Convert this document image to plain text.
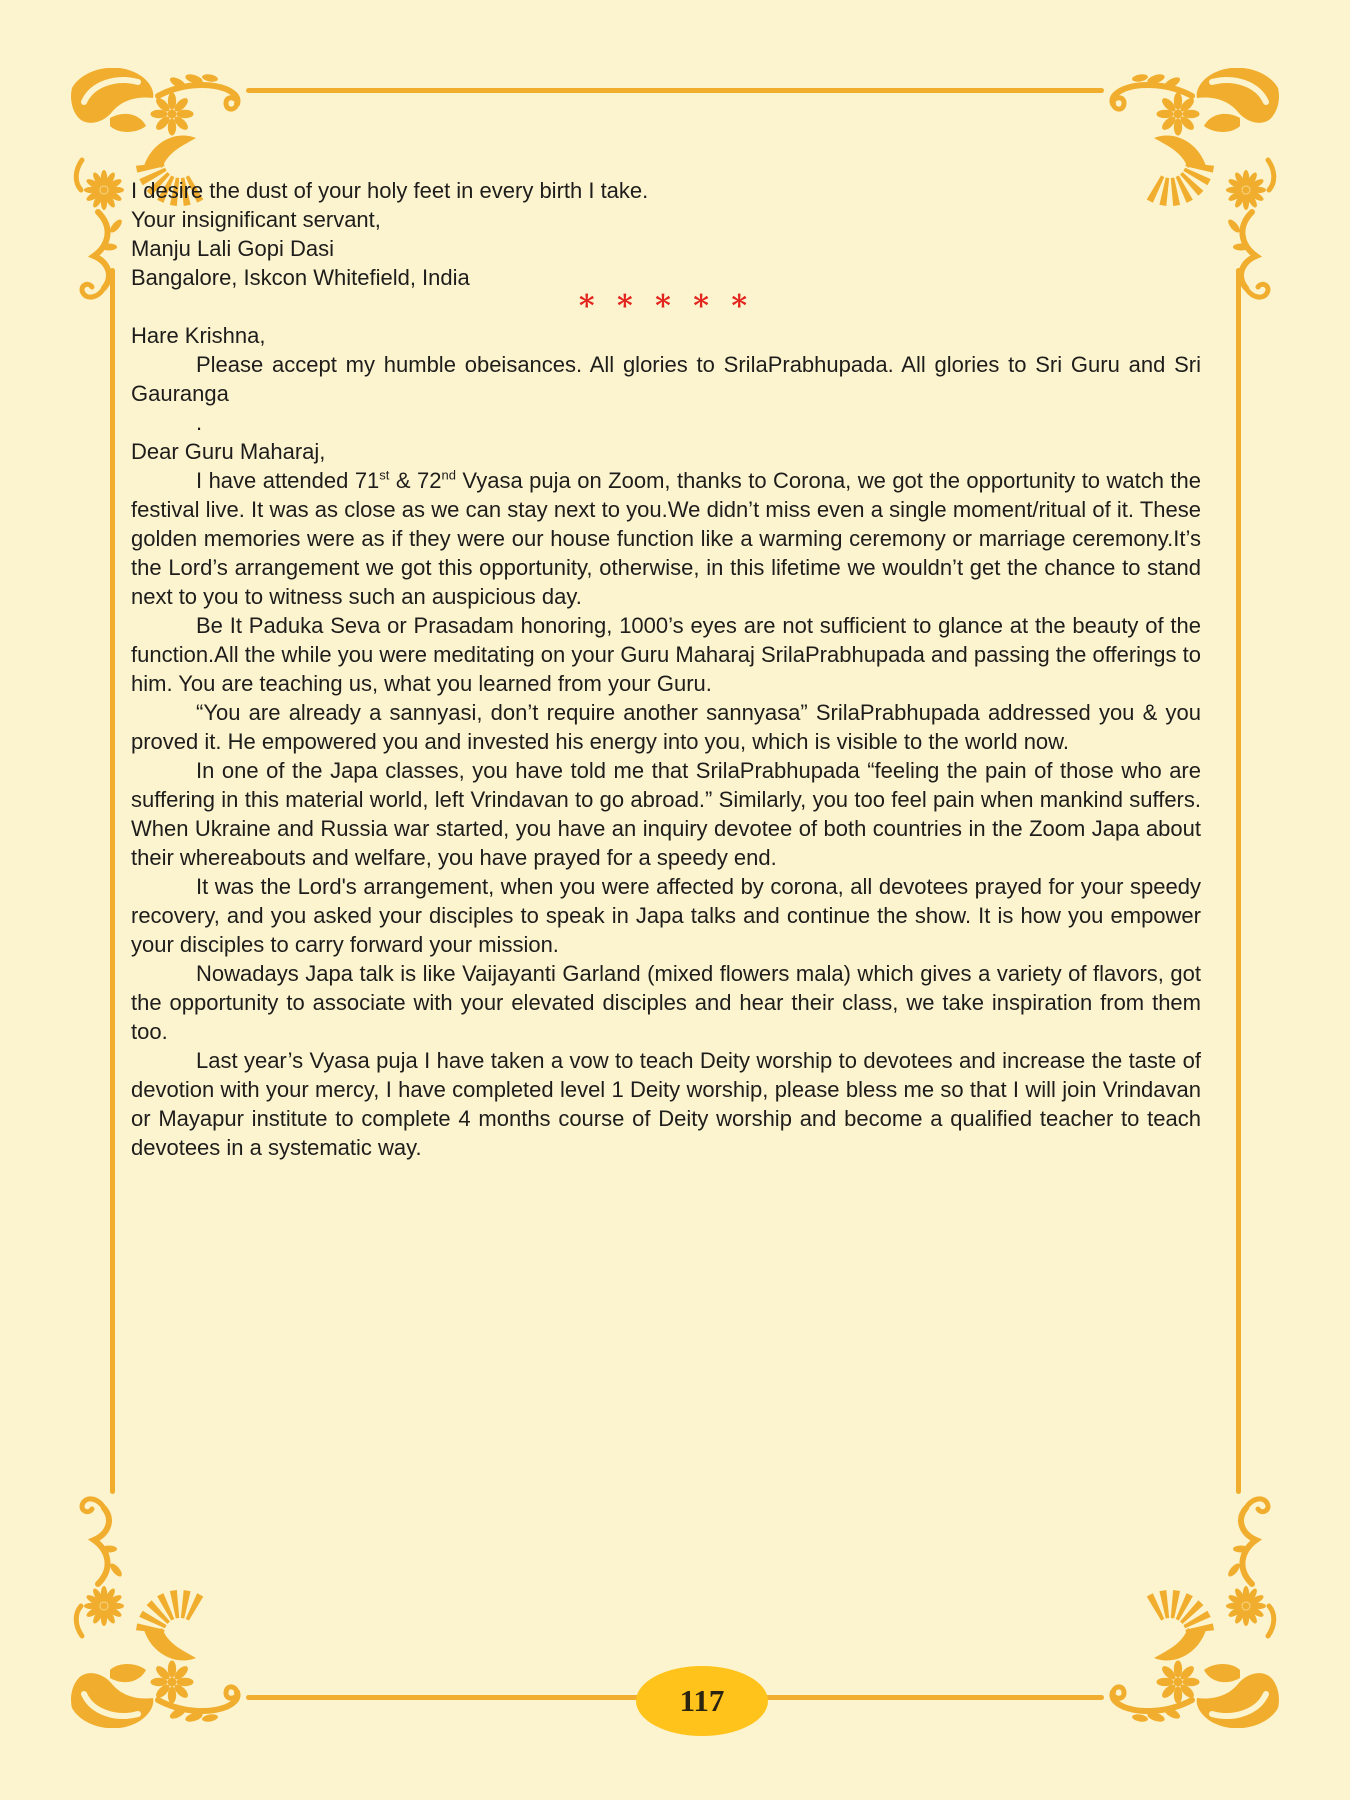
I desire the dust of your holy feet in every birth I take.

Your insignificant servant,

Manju Lali Gopi Dasi

Bangalore, Iskcon Whitefield, India

* * * * *

Hare Krishna,

Please accept my humble obeisances. All glories to SrilaPrabhupada. All glories to Sri Guru and Sri Gauranga

.

Dear Guru Maharaj,

I have attended 71st & 72nd Vyasa puja on Zoom, thanks to Corona, we got the opportunity to watch the festival live. It was as close as we can stay next to you.We didn’t miss even a single moment/ritual of it. These golden memories were as if they were our house function like a warming ceremony or marriage ceremony.It’s the Lord’s arrangement we got this opportunity, otherwise, in this lifetime we wouldn’t get the chance to stand next to you to witness such an auspicious day.

Be It Paduka Seva or Prasadam honoring, 1000’s eyes are not sufficient to glance at the beauty of the function.All the while you were meditating on your Guru Maharaj SrilaPrabhupada and passing the offerings to him. You are teaching us, what you learned from your Guru.

“You are already a sannyasi, don’t require another sannyasa” SrilaPrabhupada addressed you & you proved it. He empowered you and invested his energy into you, which is visible to the world now.

In one of the Japa classes, you have told me that SrilaPrabhupada “feeling the pain of those who are suffering in this material world, left Vrindavan to go abroad.” Similarly, you too feel pain when mankind suffers. When Ukraine and Russia war started, you have an inquiry devotee of both countries in the Zoom Japa about their whereabouts and welfare, you have prayed for a speedy end.

It was the Lord's arrangement, when you were affected by corona, all devotees prayed for your speedy recovery, and you asked your disciples to speak in Japa talks and continue the show. It is how you empower your disciples to carry forward your mission.

Nowadays Japa talk is like Vaijayanti Garland (mixed flowers mala) which gives a variety of flavors, got the opportunity to associate with your elevated disciples and hear their class, we take inspiration from them too.

Last year’s Vyasa puja I have taken a vow to teach Deity worship to devotees and increase the taste of devotion with your mercy, I have completed level 1 Deity worship, please bless me so that I will join Vrindavan or Mayapur institute to complete 4 months course of Deity worship and become a qualified teacher to teach devotees in a systematic way.

117
